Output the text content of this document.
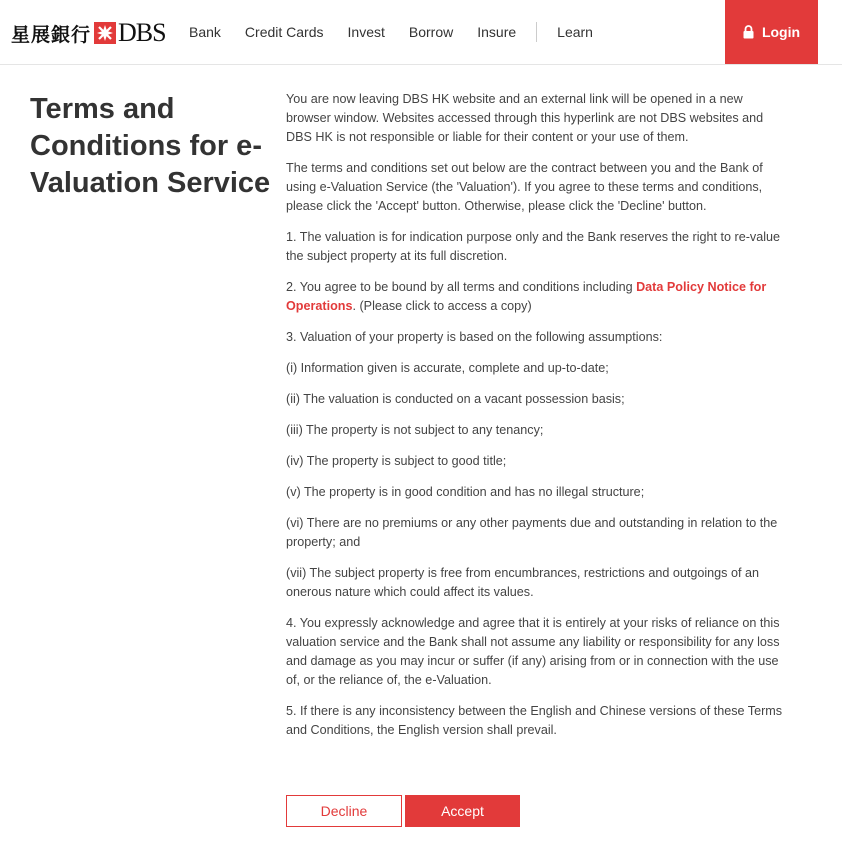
星展銀行 DBS	Bank	Credit Cards	Invest	Borrow	Insure	Learn	Login
Terms and Conditions for e-Valuation Service

You are now leaving DBS HK website and an external link will be opened in a new browser window. Websites accessed through this hyperlink are not DBS websites and DBS HK is not responsible or liable for their content or your use of them.

The terms and conditions set out below are the contract between you and the Bank of using e-Valuation Service (the 'Valuation'). If you agree to these terms and conditions, please click the 'Accept' button. Otherwise, please click the 'Decline' button.

1. The valuation is for indication purpose only and the Bank reserves the right to re-value the subject property at its full discretion.

2. You agree to be bound by all terms and conditions including Data Policy Notice for Operations. (Please click to access a copy)

3. Valuation of your property is based on the following assumptions:

(i) Information given is accurate, complete and up-to-date;

(ii) The valuation is conducted on a vacant possession basis;

(iii) The property is not subject to any tenancy;

(iv) The property is subject to good title;

(v) The property is in good condition and has no illegal structure;

(vi) There are no premiums or any other payments due and outstanding in relation to the property; and

(vii) The subject property is free from encumbrances, restrictions and outgoings of an onerous nature which could affect its values.

4. You expressly acknowledge and agree that it is entirely at your risks of reliance on this valuation service and the Bank shall not assume any liability or responsibility for any loss and damage as you may incur or suffer (if any) arising from or in connection with the use of, or the reliance of, the e-Valuation.

5. If there is any inconsistency between the English and Chinese versions of these Terms and Conditions, the English version shall prevail.

Decline	Accept
